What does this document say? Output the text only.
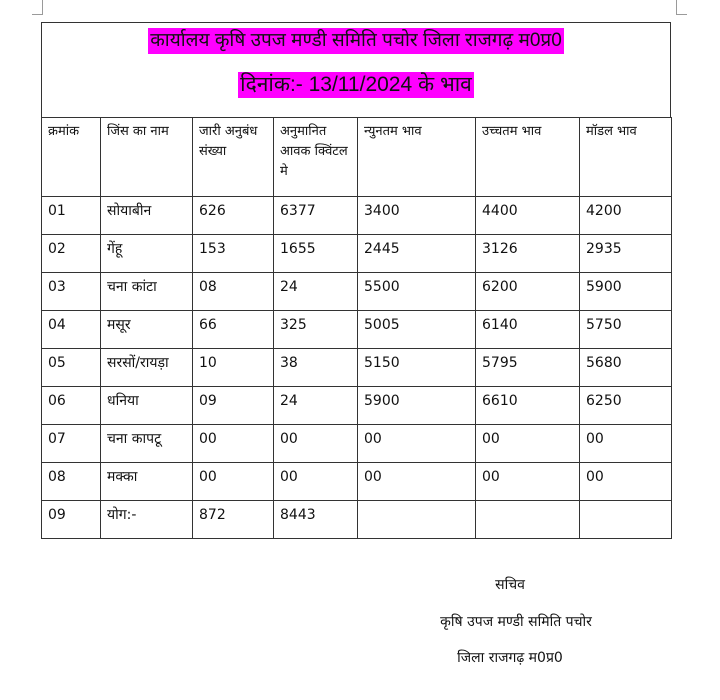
कार्यालय कृषि उपज मण्डी समिति पचोर जिला राजगढ़ म0प्र0
दिनांक:- 13/11/2024 के भाव
क्रमांक	जिंस का नाम	जारी अनुबंध संख्या	अनुमानित आवक क्विंटल मे	न्युनतम भाव	उच्चतम भाव	मॉडल भाव
01	सोयाबीन	626	6377	3400	4400	4200
02	गेंहू	153	1655	2445	3126	2935
03	चना कांटा	08	24	5500	6200	5900
04	मसूर	66	325	5005	6140	5750
05	सरसों/रायड़ा	10	38	5150	5795	5680
06	धनिया	09	24	5900	6610	6250
07	चना कापटू	00	00	00	00	00
08	मक्का	00	00	00	00	00
09	योग:-	872	8443			
सचिव
कृषि उपज मण्डी समिति पचोर
जिला राजगढ़ म0प्र0
